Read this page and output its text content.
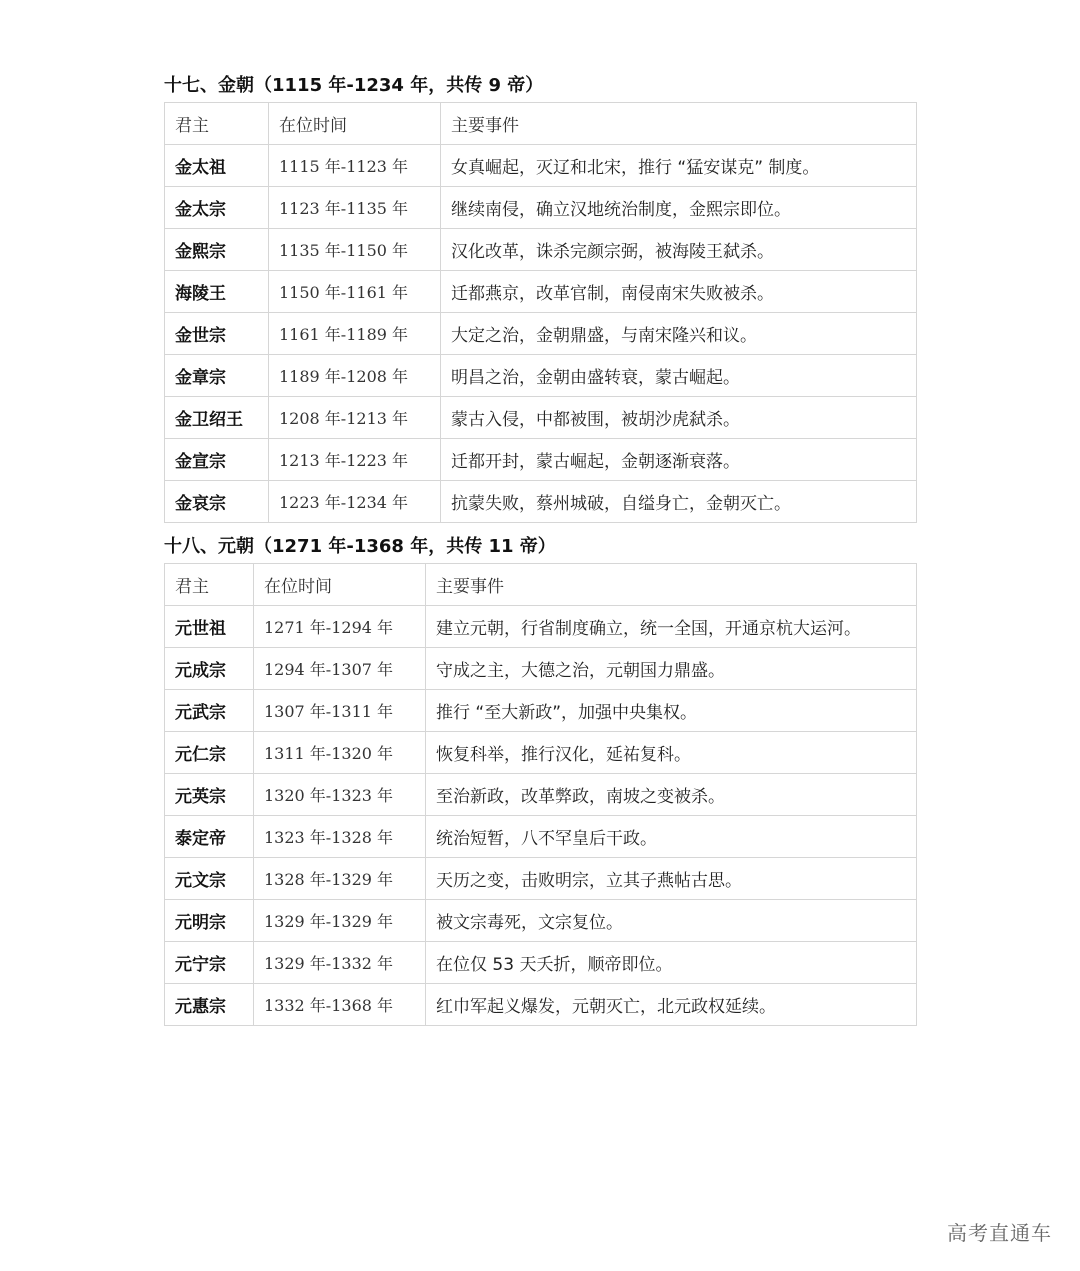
十七、金朝（1115 年-1234 年，共传 9 帝）
君主	在位时间	主要事件
金太祖	1115 年-1123 年	女真崛起，灭辽和北宋，推行 “猛安谋克” 制度。
金太宗	1123 年-1135 年	继续南侵，确立汉地统治制度，金熙宗即位。
金熙宗	1135 年-1150 年	汉化改革，诛杀完颜宗弼，被海陵王弑杀。
海陵王	1150 年-1161 年	迁都燕京，改革官制，南侵南宋失败被杀。
金世宗	1161 年-1189 年	大定之治，金朝鼎盛，与南宋隆兴和议。
金章宗	1189 年-1208 年	明昌之治，金朝由盛转衰，蒙古崛起。
金卫绍王	1208 年-1213 年	蒙古入侵，中都被围，被胡沙虎弑杀。
金宣宗	1213 年-1223 年	迁都开封，蒙古崛起，金朝逐渐衰落。
金哀宗	1223 年-1234 年	抗蒙失败，蔡州城破，自缢身亡，金朝灭亡。
十八、元朝（1271 年-1368 年，共传 11 帝）
君主	在位时间	主要事件
元世祖	1271 年-1294 年	建立元朝，行省制度确立，统一全国，开通京杭大运河。
元成宗	1294 年-1307 年	守成之主，大德之治，元朝国力鼎盛。
元武宗	1307 年-1311 年	推行 “至大新政”，加强中央集权。
元仁宗	1311 年-1320 年	恢复科举，推行汉化，延祐复科。
元英宗	1320 年-1323 年	至治新政，改革弊政，南坡之变被杀。
泰定帝	1323 年-1328 年	统治短暂，八不罕皇后干政。
元文宗	1328 年-1329 年	天历之变，击败明宗，立其子燕帖古思。
元明宗	1329 年-1329 年	被文宗毒死，文宗复位。
元宁宗	1329 年-1332 年	在位仅 53 天夭折，顺帝即位。
元惠宗	1332 年-1368 年	红巾军起义爆发，元朝灭亡，北元政权延续。
高考直通车
